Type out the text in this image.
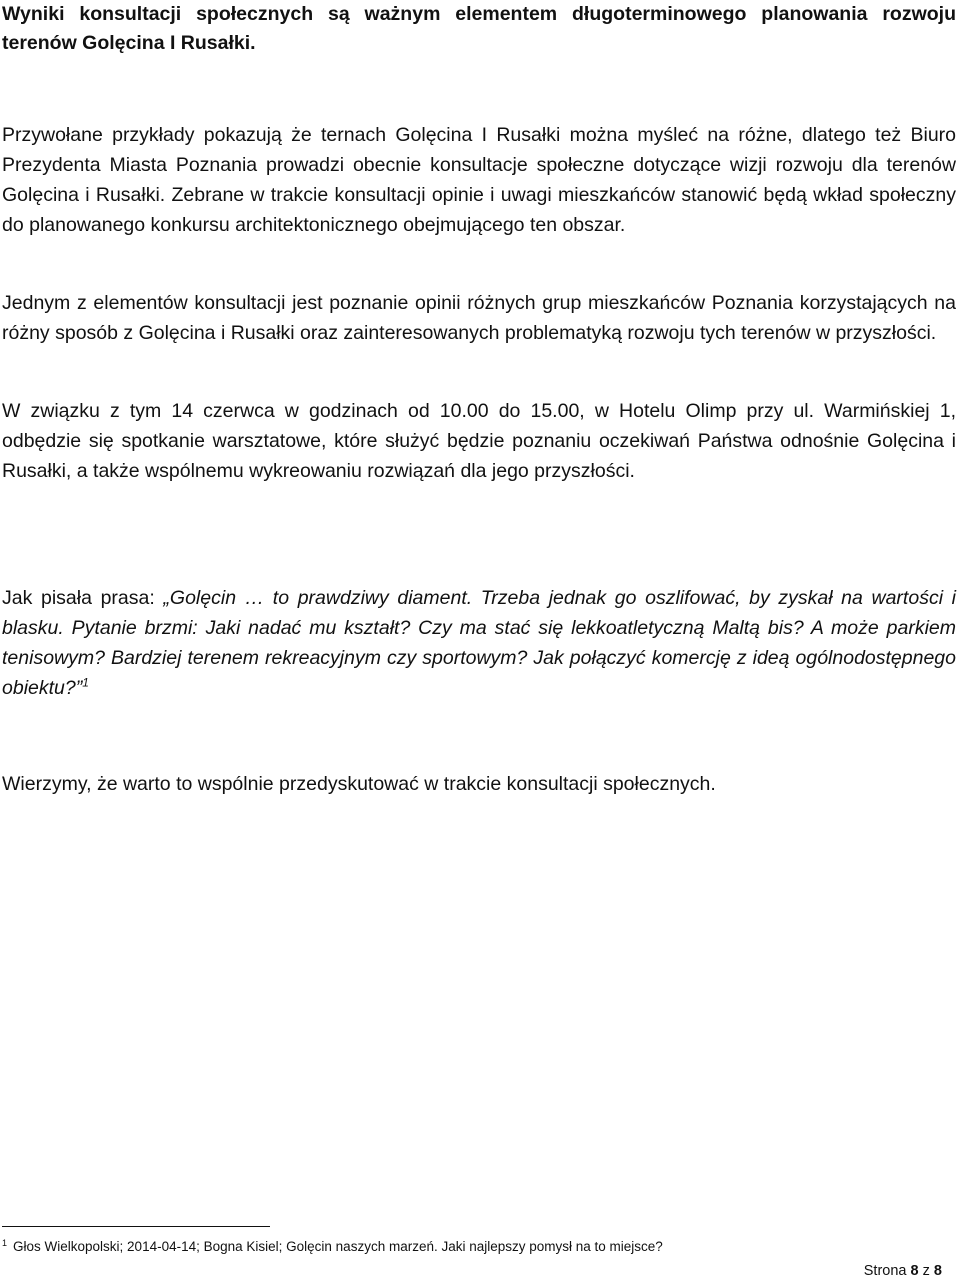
Wyniki konsultacji społecznych są ważnym elementem długoterminowego planowania rozwoju terenów Golęcina I Rusałki.

Przywołane przykłady pokazują że ternach Golęcina I Rusałki można myśleć na różne, dlatego też Biuro Prezydenta Miasta Poznania prowadzi obecnie konsultacje społeczne dotyczące wizji rozwoju dla terenów Golęcina i Rusałki. Zebrane w trakcie konsultacji opinie i uwagi mieszkańców stanowić będą wkład społeczny do planowanego konkursu architektonicznego obejmującego ten obszar.

Jednym z elementów konsultacji jest poznanie opinii różnych grup mieszkańców Poznania korzystających na różny sposób z Golęcina i Rusałki oraz zainteresowanych problematyką rozwoju tych terenów w przyszłości.

W związku z tym 14 czerwca w godzinach od 10.00 do 15.00, w Hotelu Olimp przy ul. Warmińskiej 1, odbędzie się spotkanie warsztatowe, które służyć będzie poznaniu oczekiwań Państwa odnośnie Golęcina i Rusałki, a także wspólnemu wykreowaniu rozwiązań dla jego przyszłości.

Jak pisała prasa: „Golęcin … to prawdziwy diament. Trzeba jednak go oszlifować, by zyskał na wartości i blasku. Pytanie brzmi: Jaki nadać mu kształt? Czy ma stać się lekkoatletyczną Maltą bis? A może parkiem tenisowym? Bardziej terenem rekreacyjnym czy sportowym? Jak połączyć komercję z ideą ogólnodostępnego obiektu?”$^1$

Wierzymy, że warto to wspólnie przedyskutować w trakcie konsultacji społecznych.

$^1$ Głos Wielkopolski; 2014-04-14; Bogna Kisiel; Golęcin naszych marzeń. Jaki najlepszy pomysł na to miejsce?
Strona 8 z 8
